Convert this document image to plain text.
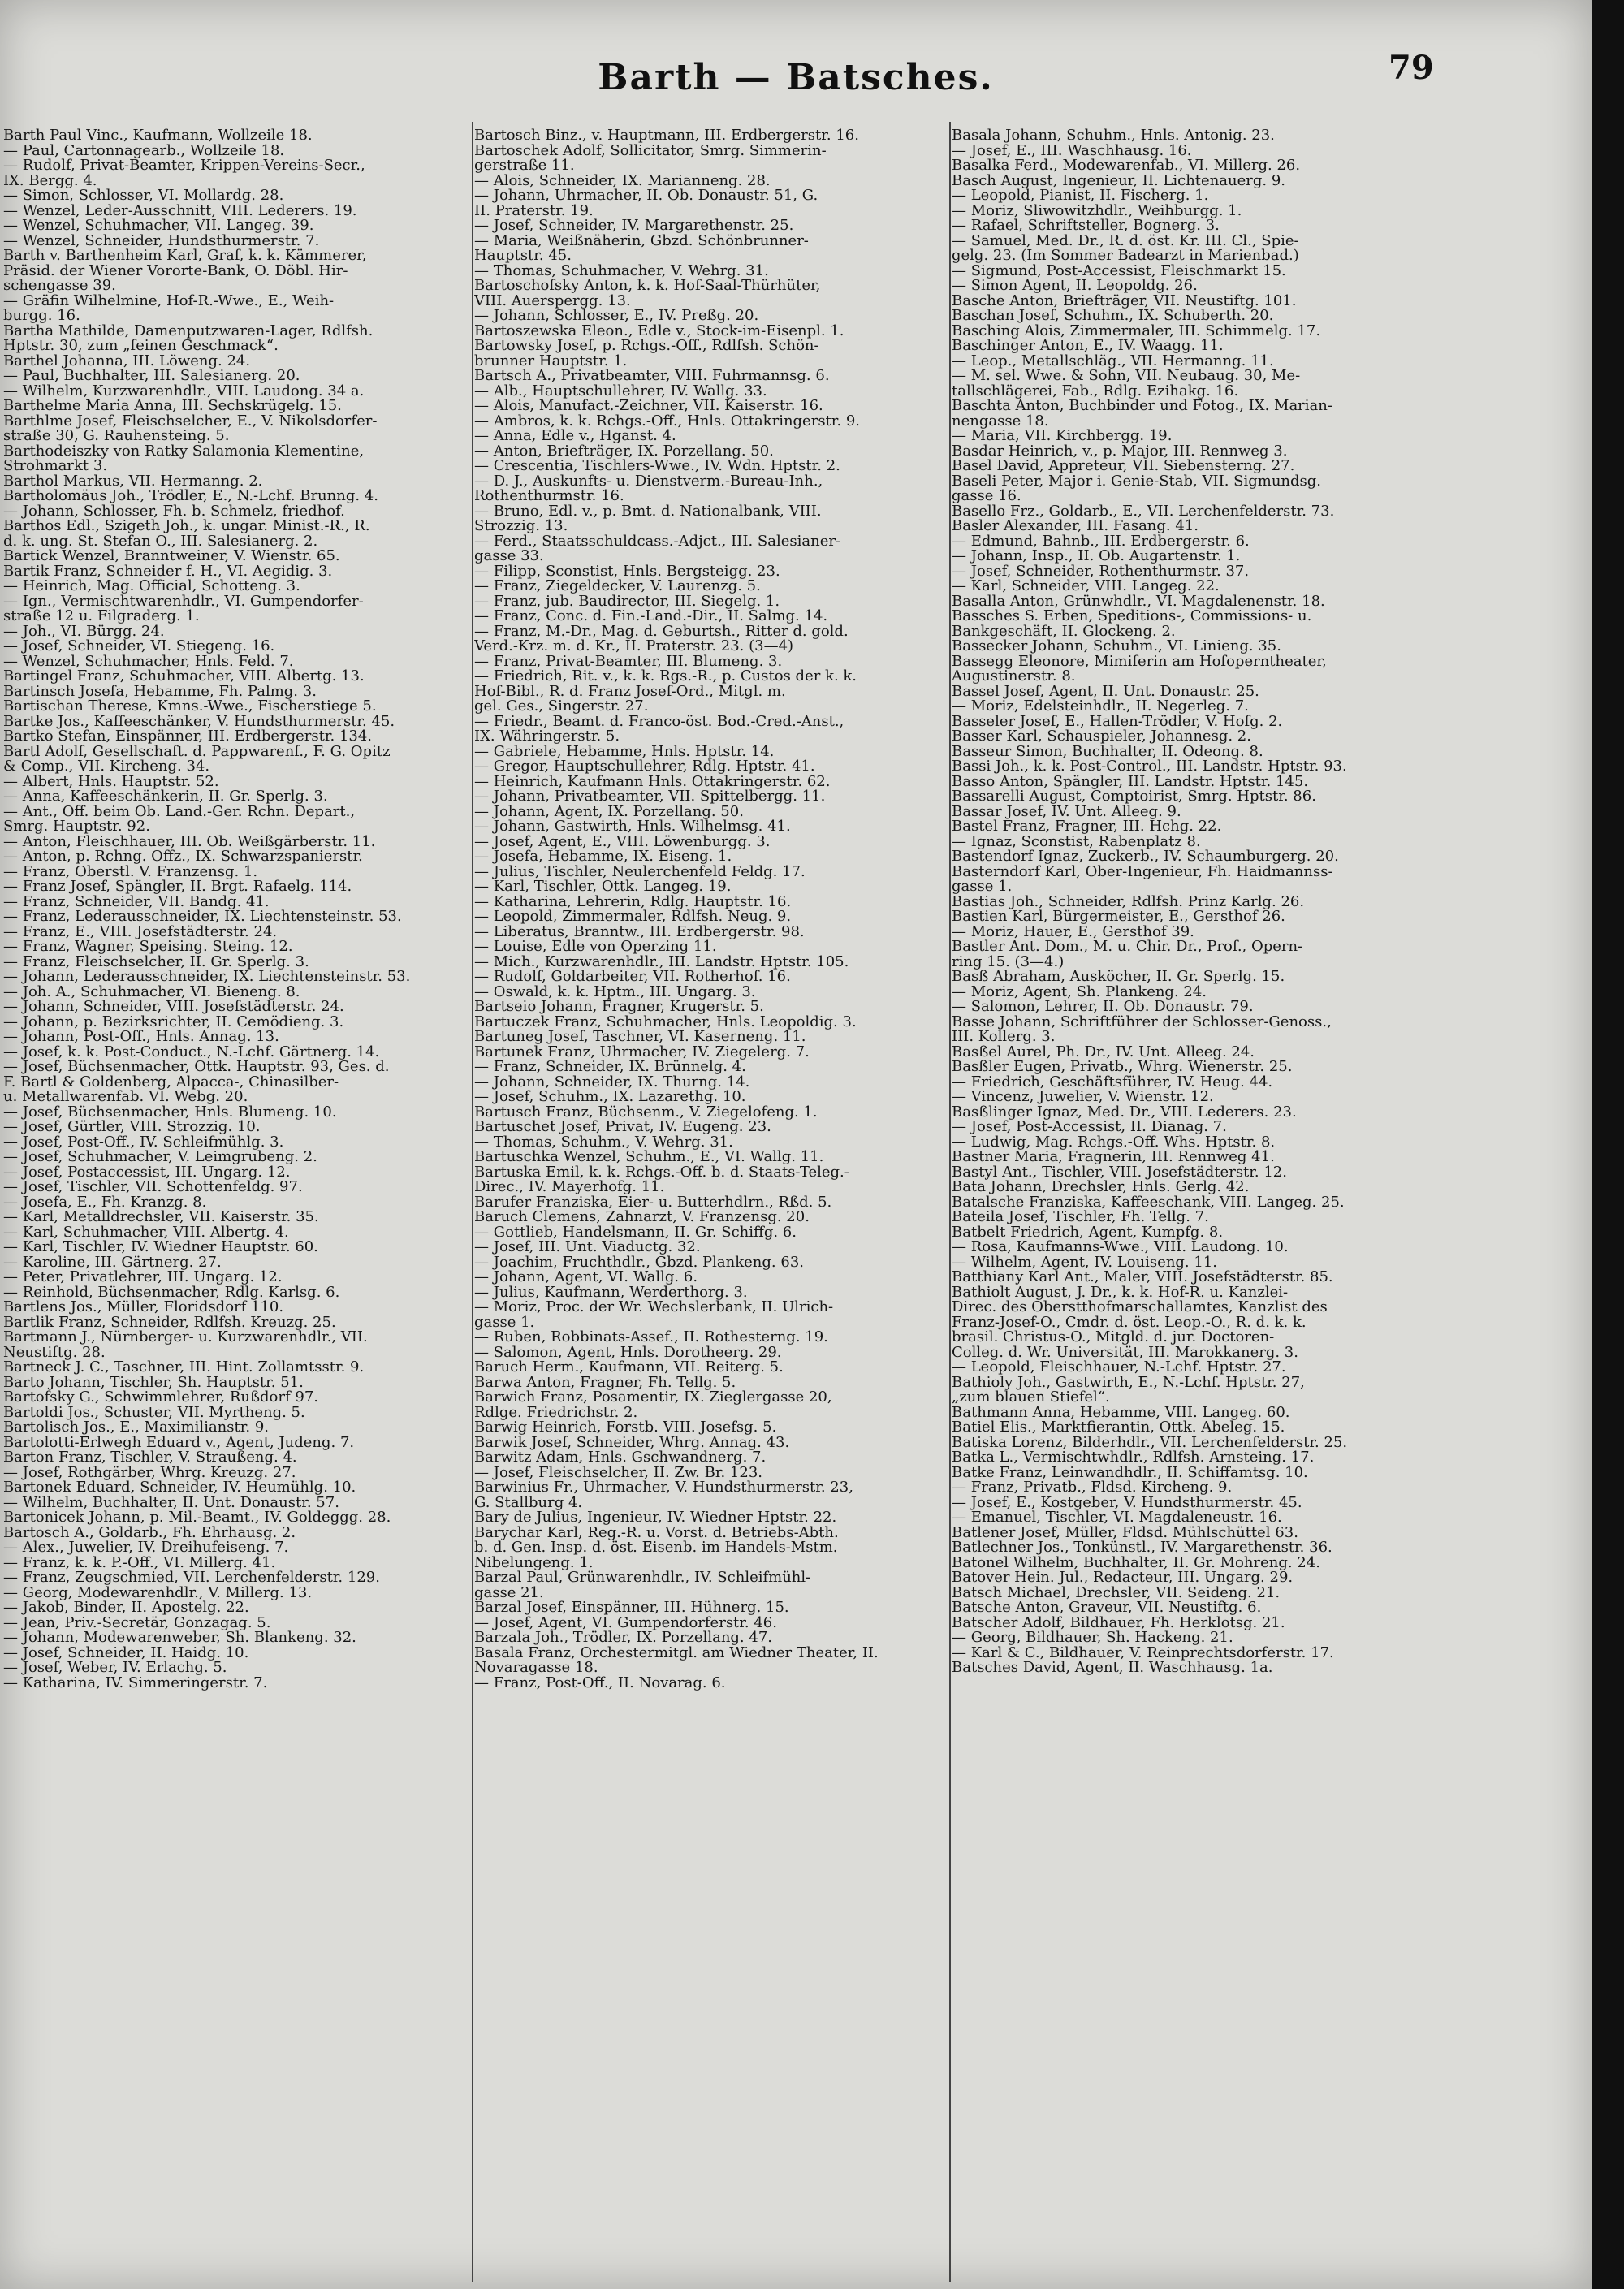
Barth — Batsches.	79
Barth Paul Vinc., Kaufmann, Wollzeile 18.
— Paul, Cartonnagearb., Wollzeile 18.
— Rudolf, Privat-Beamter, Krippen-Vereins-Secr.,
IX. Bergg. 4.
— Simon, Schlosser, VI. Mollardg. 28.
— Wenzel, Leder-Ausschnitt, VIII. Lederers. 19.
— Wenzel, Schuhmacher, VII. Langeg. 39.
— Wenzel, Schneider, Hundsthurmerstr. 7.
Barth v. Barthenheim Karl, Graf, k. k. Kämmerer,
Präsid. der Wiener Vororte-Bank, O. Döbl. Hir-
schengasse 39.
— Gräfin Wilhelmine, Hof-R.-Wwe., E., Weih-
burgg. 16.
Bartha Mathilde, Damenputzwaren-Lager, Rdlfsh.
Hptstr. 30, zum „feinen Geschmack“.
Barthel Johanna, III. Löweng. 24.
— Paul, Buchhalter, III. Salesianerg. 20.
— Wilhelm, Kurzwarenhdlr., VIII. Laudong. 34 a.
Barthelme Maria Anna, III. Sechskrügelg. 15.
Barthlme Josef, Fleischselcher, E., V. Nikolsdorfer-
straße 30, G. Rauhensteing. 5.
Barthodeiszky von Ratky Salamonia Klementine,
Strohmarkt 3.
Barthol Markus, VII. Hermanng. 2.
Bartholomäus Joh., Trödler, E., N.-Lchf. Brunng. 4.
— Johann, Schlosser, Fh. b. Schmelz, friedhof.
Barthos Edl., Szigeth Joh., k. ungar. Minist.-R., R.
d. k. ung. St. Stefan O., III. Salesianerg. 2.
Bartick Wenzel, Branntweiner, V. Wienstr. 65.
Bartik Franz, Schneider f. H., VI. Aegidig. 3.
— Heinrich, Mag. Official, Schotteng. 3.
— Ign., Vermischtwarenhdlr., VI. Gumpendorfer-
straße 12 u. Filgraderg. 1.
— Joh., VI. Bürgg. 24.
— Josef, Schneider, VI. Stiegeng. 16.
— Wenzel, Schuhmacher, Hnls. Feld. 7.
Bartingel Franz, Schuhmacher, VIII. Albertg. 13.
Bartinsch Josefa, Hebamme, Fh. Palmg. 3.
Bartischan Therese, Kmns.-Wwe., Fischerstiege 5.
Bartke Jos., Kaffeeschänker, V. Hundsthurmerstr. 45.
Bartko Stefan, Einspänner, III. Erdbergerstr. 134.
Bartl Adolf, Gesellschaft. d. Pappwarenf., F. G. Opitz
& Comp., VII. Kircheng. 34.
— Albert, Hnls. Hauptstr. 52.
— Anna, Kaffeeschänkerin, II. Gr. Sperlg. 3.
— Ant., Off. beim Ob. Land.-Ger. Rchn. Depart.,
Smrg. Hauptstr. 92.
— Anton, Fleischhauer, III. Ob. Weißgärberstr. 11.
— Anton, p. Rchng. Offz., IX. Schwarzspanierstr.
— Franz, Oberstl. V. Franzensg. 1.
— Franz Josef, Spängler, II. Brgt. Rafaelg. 114.
— Franz, Schneider, VII. Bandg. 41.
— Franz, Lederausschneider, IX. Liechtensteinstr. 53.
— Franz, E., VIII. Josefstädterstr. 24.
— Franz, Wagner, Speising. Steing. 12.
— Franz, Fleischselcher, II. Gr. Sperlg. 3.
— Johann, Lederausschneider, IX. Liechtensteinstr. 53.
— Joh. A., Schuhmacher, VI. Bieneng. 8.
— Johann, Schneider, VIII. Josefstädterstr. 24.
— Johann, p. Bezirksrichter, II. Cemödieng. 3.
— Johann, Post-Off., Hnls. Annag. 13.
— Josef, k. k. Post-Conduct., N.-Lchf. Gärtnerg. 14.
— Josef, Büchsenmacher, Ottk. Hauptstr. 93, Ges. d.
F. Bartl & Goldenberg, Alpacca-, Chinasilber-
u. Metallwarenfab. VI. Webg. 20.
— Josef, Büchsenmacher, Hnls. Blumeng. 10.
— Josef, Gürtler, VIII. Strozzig. 10.
— Josef, Post-Off., IV. Schleifmühlg. 3.
— Josef, Schuhmacher, V. Leimgrubeng. 2.
— Josef, Postaccessist, III. Ungarg. 12.
— Josef, Tischler, VII. Schottenfeldg. 97.
— Josefa, E., Fh. Kranzg. 8.
— Karl, Metalldrechsler, VII. Kaiserstr. 35.
— Karl, Schuhmacher, VIII. Albertg. 4.
— Karl, Tischler, IV. Wiedner Hauptstr. 60.
— Karoline, III. Gärtnerg. 27.
— Peter, Privatlehrer, III. Ungarg. 12.
— Reinhold, Büchsenmacher, Rdlg. Karlsg. 6.
Bartlens Jos., Müller, Floridsdorf 110.
Bartlik Franz, Schneider, Rdlfsh. Kreuzg. 25.
Bartmann J., Nürnberger- u. Kurzwarenhdlr., VII.
Neustiftg. 28.
Bartneck J. C., Taschner, III. Hint. Zollamtsstr. 9.
Barto Johann, Tischler, Sh. Hauptstr. 51.
Bartofsky G., Schwimmlehrer, Rußdorf 97.
Bartoldi Jos., Schuster, VII. Myrtheng. 5.
Bartolisch Jos., E., Maximilianstr. 9.
Bartolotti-Erlwegh Eduard v., Agent, Judeng. 7.
Barton Franz, Tischler, V. Straußeng. 4.
— Josef, Rothgärber, Whrg. Kreuzg. 27.
Bartonek Eduard, Schneider, IV. Heumühlg. 10.
— Wilhelm, Buchhalter, II. Unt. Donaustr. 57.
Bartonicek Johann, p. Mil.-Beamt., IV. Goldeggg. 28.
Bartosch A., Goldarb., Fh. Ehrhausg. 2.
— Alex., Juwelier, IV. Dreihufeiseng. 7.
— Franz, k. k. P.-Off., VI. Millerg. 41.
— Franz, Zeugschmied, VII. Lerchenfelderstr. 129.
— Georg, Modewarenhdlr., V. Millerg. 13.
— Jakob, Binder, II. Apostelg. 22.
— Jean, Priv.-Secretär, Gonzagag. 5.
— Johann, Modewarenweber, Sh. Blankeng. 32.
— Josef, Schneider, II. Haidg. 10.
— Josef, Weber, IV. Erlachg. 5.
— Katharina, IV. Simmeringerstr. 7.
Bartosch Binz., v. Hauptmann, III. Erdbergerstr. 16.
Bartoschek Adolf, Sollicitator, Smrg. Simmerin-
gerstraße 11.
— Alois, Schneider, IX. Marianneng. 28.
— Johann, Uhrmacher, II. Ob. Donaustr. 51, G.
II. Praterstr. 19.
— Josef, Schneider, IV. Margarethenstr. 25.
— Maria, Weißnäherin, Gbzd. Schönbrunner-
Hauptstr. 45.
— Thomas, Schuhmacher, V. Wehrg. 31.
Bartoschofsky Anton, k. k. Hof-Saal-Thürhüter,
VIII. Auerspergg. 13.
— Johann, Schlosser, E., IV. Preßg. 20.
Bartoszewska Eleon., Edle v., Stock-im-Eisenpl. 1.
Bartowsky Josef, p. Rchgs.-Off., Rdlfsh. Schön-
brunner Hauptstr. 1.
Bartsch A., Privatbeamter, VIII. Fuhrmannsg. 6.
— Alb., Hauptschullehrer, IV. Wallg. 33.
— Alois, Manufact.-Zeichner, VII. Kaiserstr. 16.
— Ambros, k. k. Rchgs.-Off., Hnls. Ottakringerstr. 9.
— Anna, Edle v., Hganst. 4.
— Anton, Briefträger, IX. Porzellang. 50.
— Crescentia, Tischlers-Wwe., IV. Wdn. Hptstr. 2.
— D. J., Auskunfts- u. Dienstverm.-Bureau-Inh.,
Rothenthurmstr. 16.
— Bruno, Edl. v., p. Bmt. d. Nationalbank, VIII.
Strozzig. 13.
— Ferd., Staatsschuldcass.-Adjct., III. Salesianer-
gasse 33.
— Filipp, Sconstist, Hnls. Bergsteigg. 23.
— Franz, Ziegeldecker, V. Laurenzg. 5.
— Franz, jub. Baudirector, III. Siegelg. 1.
— Franz, Conc. d. Fin.-Land.-Dir., II. Salmg. 14.
— Franz, M.-Dr., Mag. d. Geburtsh., Ritter d. gold.
Verd.-Krz. m. d. Kr., II. Praterstr. 23. (3—4)
— Franz, Privat-Beamter, III. Blumeng. 3.
— Friedrich, Rit. v., k. k. Rgs.-R., p. Custos der k. k.
Hof-Bibl., R. d. Franz Josef-Ord., Mitgl. m.
gel. Ges., Singerstr. 27.
— Friedr., Beamt. d. Franco-öst. Bod.-Cred.-Anst.,
IX. Währingerstr. 5.
— Gabriele, Hebamme, Hnls. Hptstr. 14.
— Gregor, Hauptschullehrer, Rdlg. Hptstr. 41.
— Heinrich, Kaufmann Hnls. Ottakringerstr. 62.
— Johann, Privatbeamter, VII. Spittelbergg. 11.
— Johann, Agent, IX. Porzellang. 50.
— Johann, Gastwirth, Hnls. Wilhelmsg. 41.
— Josef, Agent, E., VIII. Löwenburgg. 3.
— Josefa, Hebamme, IX. Eiseng. 1.
— Julius, Tischler, Neulerchenfeld Feldg. 17.
— Karl, Tischler, Ottk. Langeg. 19.
— Katharina, Lehrerin, Rdlg. Hauptstr. 16.
— Leopold, Zimmermaler, Rdlfsh. Neug. 9.
— Liberatus, Branntw., III. Erdbergerstr. 98.
— Louise, Edle von Operzing 11.
— Mich., Kurzwarenhdlr., III. Landstr. Hptstr. 105.
— Rudolf, Goldarbeiter, VII. Rotherhof. 16.
— Oswald, k. k. Hptm., III. Ungarg. 3.
Bartseio Johann, Fragner, Krugerstr. 5.
Bartuczek Franz, Schuhmacher, Hnls. Leopoldig. 3.
Bartuneg Josef, Taschner, VI. Kaserneng. 11.
Bartunek Franz, Uhrmacher, IV. Ziegelerg. 7.
— Franz, Schneider, IX. Brünnelg. 4.
— Johann, Schneider, IX. Thurng. 14.
— Josef, Schuhm., IX. Lazarethg. 10.
Bartusch Franz, Büchsenm., V. Ziegelofeng. 1.
Bartuschet Josef, Privat, IV. Eugeng. 23.
— Thomas, Schuhm., V. Wehrg. 31.
Bartuschka Wenzel, Schuhm., E., VI. Wallg. 11.
Bartuska Emil, k. k. Rchgs.-Off. b. d. Staats-Teleg.-
Direc., IV. Mayerhofg. 11.
Barufer Franziska, Eier- u. Butterhdlrn., Rßd. 5.
Baruch Clemens, Zahnarzt, V. Franzensg. 20.
— Gottlieb, Handelsmann, II. Gr. Schiffg. 6.
— Josef, III. Unt. Viaductg. 32.
— Joachim, Fruchthdlr., Gbzd. Plankeng. 63.
— Johann, Agent, VI. Wallg. 6.
— Julius, Kaufmann, Werderthorg. 3.
— Moriz, Proc. der Wr. Wechslerbank, II. Ulrich-
gasse 1.
— Ruben, Robbinats-Assef., II. Rothesterng. 19.
— Salomon, Agent, Hnls. Dorotheerg. 29.
Baruch Herm., Kaufmann, VII. Reiterg. 5.
Barwa Anton, Fragner, Fh. Tellg. 5.
Barwich Franz, Posamentir, IX. Zieglergasse 20,
Rdlge. Friedrichstr. 2.
Barwig Heinrich, Forstb. VIII. Josefsg. 5.
Barwik Josef, Schneider, Whrg. Annag. 43.
Barwitz Adam, Hnls. Gschwandnerg. 7.
— Josef, Fleischselcher, II. Zw. Br. 123.
Barwinius Fr., Uhrmacher, V. Hundsthurmerstr. 23,
G. Stallburg 4.
Bary de Julius, Ingenieur, IV. Wiedner Hptstr. 22.
Barychar Karl, Reg.-R. u. Vorst. d. Betriebs-Abth.
b. d. Gen. Insp. d. öst. Eisenb. im Handels-Mstm.
Nibelungeng. 1.
Barzal Paul, Grünwarenhdlr., IV. Schleifmühl-
gasse 21.
Barzal Josef, Einspänner, III. Hühnerg. 15.
— Josef, Agent, VI. Gumpendorferstr. 46.
Barzala Joh., Trödler, IX. Porzellang. 47.
Basala Franz, Orchestermitgl. am Wiedner Theater, II.
Novaragasse 18.
— Franz, Post-Off., II. Novarag. 6.
Basala Johann, Schuhm., Hnls. Antonig. 23.
— Josef, E., III. Waschhausg. 16.
Basalka Ferd., Modewarenfab., VI. Millerg. 26.
Basch August, Ingenieur, II. Lichtenauerg. 9.
— Leopold, Pianist, II. Fischerg. 1.
— Moriz, Sliwowitzhdlr., Weihburgg. 1.
— Rafael, Schriftsteller, Bognerg. 3.
— Samuel, Med. Dr., R. d. öst. Kr. III. Cl., Spie-
gelg. 23. (Im Sommer Badearzt in Marienbad.)
— Sigmund, Post-Accessist, Fleischmarkt 15.
— Simon Agent, II. Leopoldg. 26.
Basche Anton, Briefträger, VII. Neustiftg. 101.
Baschan Josef, Schuhm., IX. Schuberth. 20.
Basching Alois, Zimmermaler, III. Schimmelg. 17.
Baschinger Anton, E., IV. Waagg. 11.
— Leop., Metallschläg., VII. Hermanng. 11.
— M. sel. Wwe. & Sohn, VII. Neubaug. 30, Me-
tallschlägerei, Fab., Rdlg. Ezihakg. 16.
Baschta Anton, Buchbinder und Fotog., IX. Marian-
nengasse 18.
— Maria, VII. Kirchbergg. 19.
Basdar Heinrich, v., p. Major, III. Rennweg 3.
Basel David, Appreteur, VII. Siebensterng. 27.
Baseli Peter, Major i. Genie-Stab, VII. Sigmundsg.
gasse 16.
Basello Frz., Goldarb., E., VII. Lerchenfelderstr. 73.
Basler Alexander, III. Fasang. 41.
— Edmund, Bahnb., III. Erdbergerstr. 6.
— Johann, Insp., II. Ob. Augartenstr. 1.
— Josef, Schneider, Rothenthurmstr. 37.
— Karl, Schneider, VIII. Langeg. 22.
Basalla Anton, Grünwhdlr., VI. Magdalenenstr. 18.
Bassches S. Erben, Speditions-, Commissions- u.
Bankgeschäft, II. Glockeng. 2.
Bassecker Johann, Schuhm., VI. Linieng. 35.
Bassegg Eleonore, Mimiferin am Hofoperntheater,
Augustinerstr. 8.
Bassel Josef, Agent, II. Unt. Donaustr. 25.
— Moriz, Edelsteinhdlr., II. Negerleg. 7.
Basseler Josef, E., Hallen-Trödler, V. Hofg. 2.
Basser Karl, Schauspieler, Johannesg. 2.
Basseur Simon, Buchhalter, II. Odeong. 8.
Bassi Joh., k. k. Post-Control., III. Landstr. Hptstr. 93.
Basso Anton, Spängler, III. Landstr. Hptstr. 145.
Bassarelli August, Comptoirist, Smrg. Hptstr. 86.
Bassar Josef, IV. Unt. Alleeg. 9.
Bastel Franz, Fragner, III. Hchg. 22.
— Ignaz, Sconstist, Rabenplatz 8.
Bastendorf Ignaz, Zuckerb., IV. Schaumburgerg. 20.
Basterndorf Karl, Ober-Ingenieur, Fh. Haidmannss-
gasse 1.
Bastias Joh., Schneider, Rdlfsh. Prinz Karlg. 26.
Bastien Karl, Bürgermeister, E., Gersthof 26.
— Moriz, Hauer, E., Gersthof 39.
Bastler Ant. Dom., M. u. Chir. Dr., Prof., Opern-
ring 15. (3—4.)
Basß Abraham, Ausköcher, II. Gr. Sperlg. 15.
— Moriz, Agent, Sh. Plankeng. 24.
— Salomon, Lehrer, II. Ob. Donaustr. 79.
Basse Johann, Schriftführer der Schlosser-Genoss.,
III. Kollerg. 3.
Basßel Aurel, Ph. Dr., IV. Unt. Alleeg. 24.
Basßler Eugen, Privatb., Whrg. Wienerstr. 25.
— Friedrich, Geschäftsführer, IV. Heug. 44.
— Vincenz, Juwelier, V. Wienstr. 12.
Basßlinger Ignaz, Med. Dr., VIII. Lederers. 23.
— Josef, Post-Accessist, II. Dianag. 7.
— Ludwig, Mag. Rchgs.-Off. Whs. Hptstr. 8.
Bastner Maria, Fragnerin, III. Rennweg 41.
Bastyl Ant., Tischler, VIII. Josefstädterstr. 12.
Bata Johann, Drechsler, Hnls. Gerlg. 42.
Batalsche Franziska, Kaffeeschank, VIII. Langeg. 25.
Bateila Josef, Tischler, Fh. Tellg. 7.
Batbelt Friedrich, Agent, Kumpfg. 8.
— Rosa, Kaufmanns-Wwe., VIII. Laudong. 10.
— Wilhelm, Agent, IV. Louiseng. 11.
Batthiany Karl Ant., Maler, VIII. Josefstädterstr. 85.
Bathiolt August, J. Dr., k. k. Hof-R. u. Kanzlei-
Direc. des Oberstthofmarschallamtes, Kanzlist des
Franz-Josef-O., Cmdr. d. öst. Leop.-O., R. d. k. k.
brasil. Christus-O., Mitgld. d. jur. Doctoren-
Colleg. d. Wr. Universität, III. Marokkanerg. 3.
— Leopold, Fleischhauer, N.-Lchf. Hptstr. 27.
Bathioly Joh., Gastwirth, E., N.-Lchf. Hptstr. 27,
„zum blauen Stiefel“.
Bathmann Anna, Hebamme, VIII. Langeg. 60.
Batiel Elis., Marktfierantin, Ottk. Abeleg. 15.
Batiska Lorenz, Bilderhdlr., VII. Lerchenfelderstr. 25.
Batka L., Vermischtwhdlr., Rdlfsh. Arnsteing. 17.
Batke Franz, Leinwandhdlr., II. Schiffamtsg. 10.
— Franz, Privatb., Fldsd. Kircheng. 9.
— Josef, E., Kostgeber, V. Hundsthurmerstr. 45.
— Emanuel, Tischler, VI. Magdaleneustr. 16.
Batlener Josef, Müller, Fldsd. Mühlschüttel 63.
Batlechner Jos., Tonkünstl., IV. Margarethenstr. 36.
Batonel Wilhelm, Buchhalter, II. Gr. Mohreng. 24.
Batover Hein. Jul., Redacteur, III. Ungarg. 29.
Batsch Michael, Drechsler, VII. Seideng. 21.
Batsche Anton, Graveur, VII. Neustiftg. 6.
Batscher Adolf, Bildhauer, Fh. Herklotsg. 21.
— Georg, Bildhauer, Sh. Hackeng. 21.
— Karl & C., Bildhauer, V. Reinprechtsdorferstr. 17.
Batsches David, Agent, II. Waschhausg. 1a.
